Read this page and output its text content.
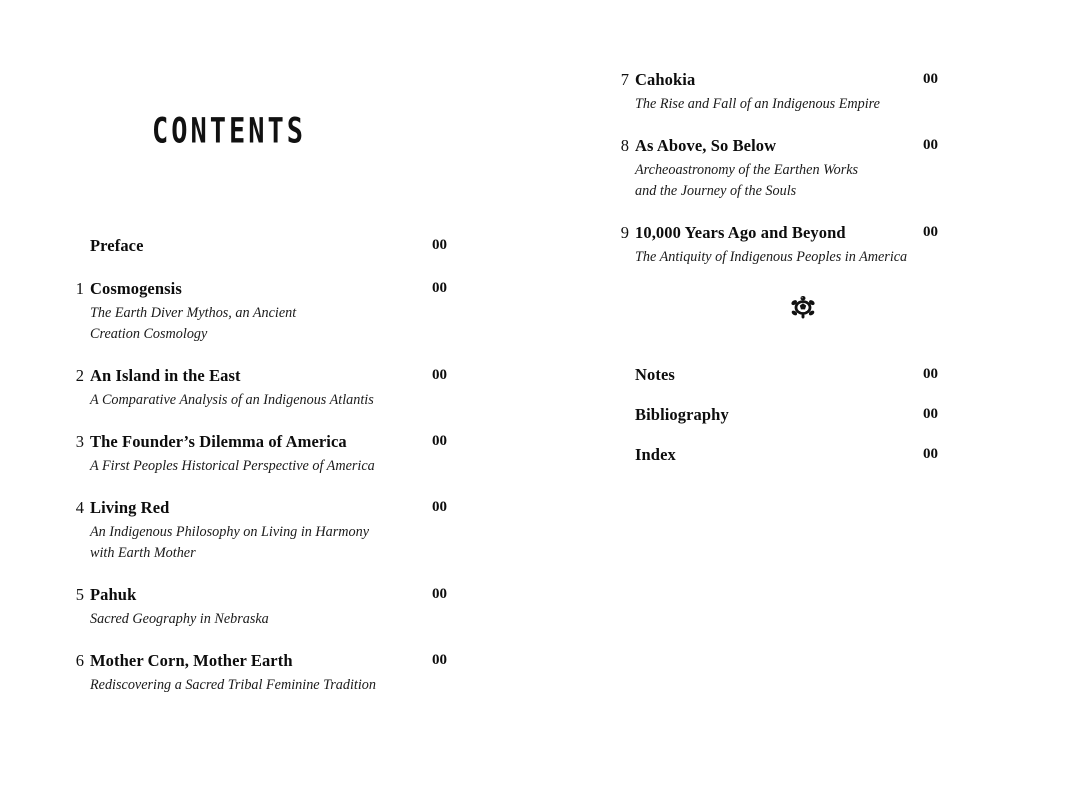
CONTENTS
Preface	00
1 Cosmogensis	00
The Earth Diver Mythos, an Ancient
Creation Cosmology
2 An Island in the East	00
A Comparative Analysis of an Indigenous Atlantis
3 The Founder’s Dilemma of America	00
A First Peoples Historical Perspective of America
4 Living Red	00
An Indigenous Philosophy on Living in Harmony
with Earth Mother
5 Pahuk	00
Sacred Geography in Nebraska
6 Mother Corn, Mother Earth	00
Rediscovering a Sacred Tribal Feminine Tradition
7 Cahokia	00
The Rise and Fall of an Indigenous Empire
8 As Above, So Below	00
Archeoastronomy of the Earthen Works
and the Journey of the Souls
9 10,000 Years Ago and Beyond	00
The Antiquity of Indigenous Peoples in America
Notes	00
Bibliography	00
Index	00
